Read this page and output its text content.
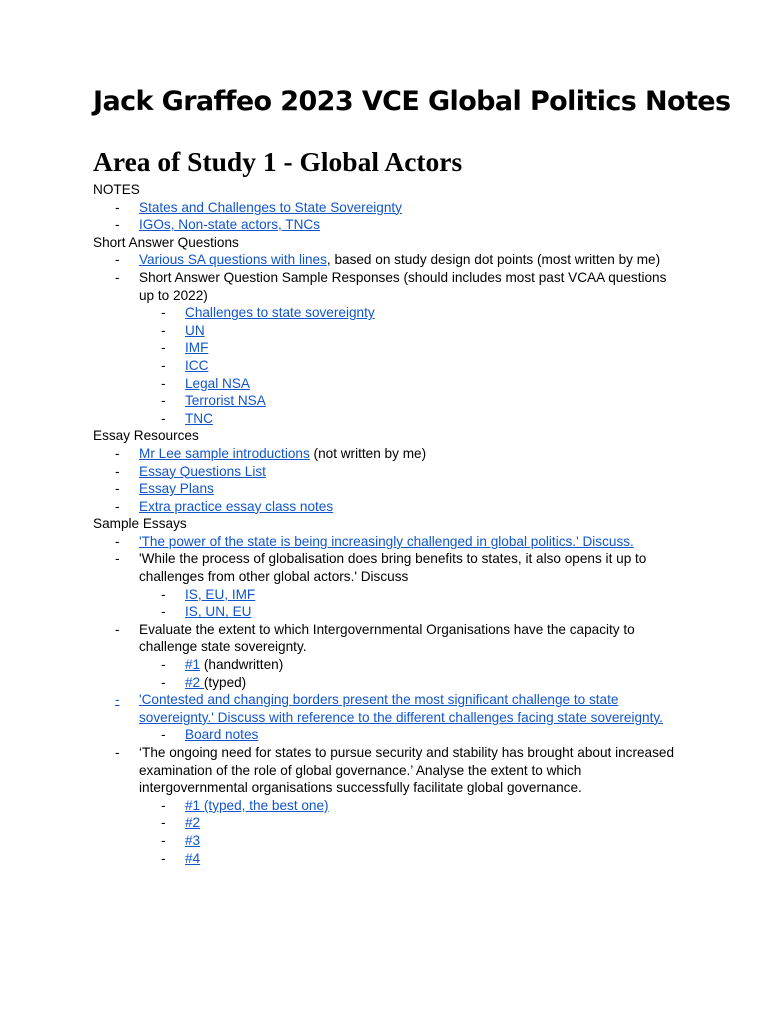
Jack Graffeo 2023 VCE Global Politics Notes
Area of Study 1 - Global Actors
NOTES
- States and Challenges to State Sovereignty
- IGOs, Non-state actors, TNCs
Short Answer Questions
- Various SA questions with lines, based on study design dot points (most written by me)
- Short Answer Question Sample Responses (should includes most past VCAA questions up to 2022)
- Challenges to state sovereignty
- UN
- IMF
- ICC
- Legal NSA
- Terrorist NSA
- TNC
Essay Resources
- Mr Lee sample introductions (not written by me)
- Essay Questions List
- Essay Plans
- Extra practice essay class notes
Sample Essays
- 'The power of the state is being increasingly challenged in global politics.' Discuss.
- 'While the process of globalisation does bring benefits to states, it also opens it up to challenges from other global actors.' Discuss
- IS, EU, IMF
- IS, UN, EU
- Evaluate the extent to which Intergovernmental Organisations have the capacity to challenge state sovereignty.
- #1 (handwritten)
- #2 (typed)
- 'Contested and changing borders present the most significant challenge to state sovereignty.' Discuss with reference to the different challenges facing state sovereignty.
- Board notes
- ‘The ongoing need for states to pursue security and stability has brought about increased examination of the role of global governance.’ Analyse the extent to which intergovernmental organisations successfully facilitate global governance.
- #1 (typed, the best one)
- #2
- #3
- #4
